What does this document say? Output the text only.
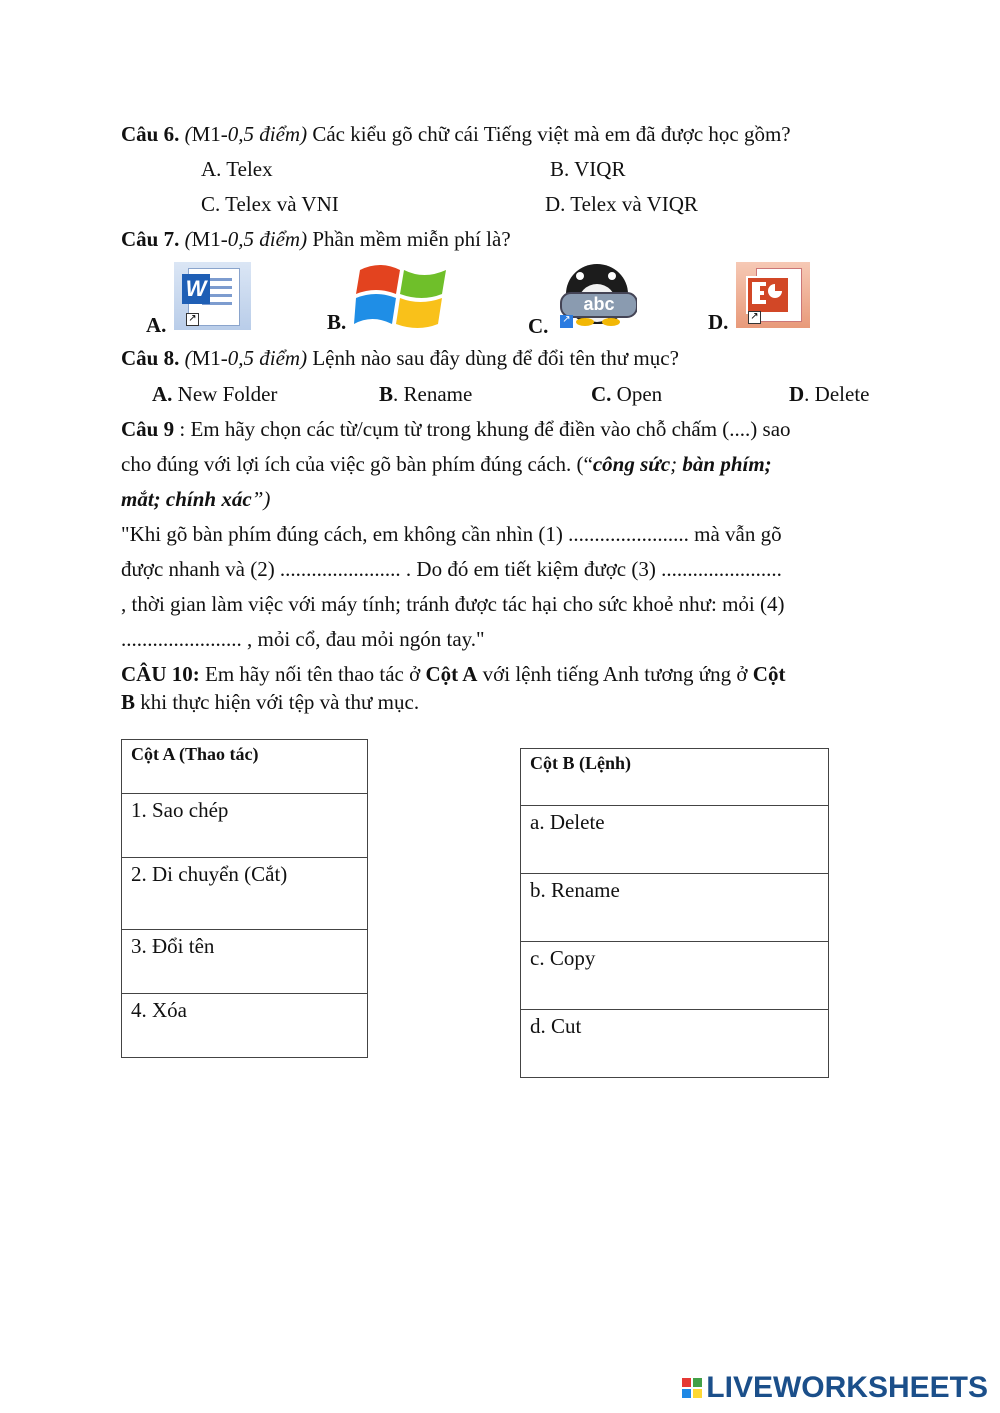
Câu 6. (M1-0,5 điểm) Các kiểu gõ chữ cái Tiếng việt mà em đã được học gồm?
A. Telex	B. VIQR
C. Telex và VNI	D. Telex và VIQR
Câu 7. (M1-0,5 điểm) Phần mềm miễn phí là?
A.
W
↗	B.	C.
abc
↗	D. ↗
Câu 8. (M1-0,5 điểm) Lệnh nào sau đây dùng để đổi tên thư mục?
A. New Folder	B. Rename	C. Open	D. Delete
Câu 9 : Em hãy chọn các từ/cụm từ trong khung để điền vào chỗ chấm (....) sao
cho đúng với lợi ích của việc gõ bàn phím đúng cách. (“công sức; bàn phím;
mắt; chính xác”)
"Khi gõ bàn phím đúng cách, em không cần nhìn (1) ....................... mà vẫn gõ
được nhanh và (2) ....................... . Do đó em tiết kiệm được (3) .......................
, thời gian làm việc với máy tính; tránh được tác hại cho sức khoẻ như: mỏi (4)
....................... , mỏi cổ, đau mỏi ngón tay."
CÂU 10: Em hãy nối tên thao tác ở Cột A với lệnh tiếng Anh tương ứng ở Cột
B khi thực hiện với tệp và thư mục.
Cột A (Thao tác)
1. Sao chép
2. Di chuyển (Cắt)
3. Đổi tên
4. Xóa
Cột B (Lệnh)
a. Delete
b. Rename
c. Copy
d. Cut
LIVEWORKSHEETS
